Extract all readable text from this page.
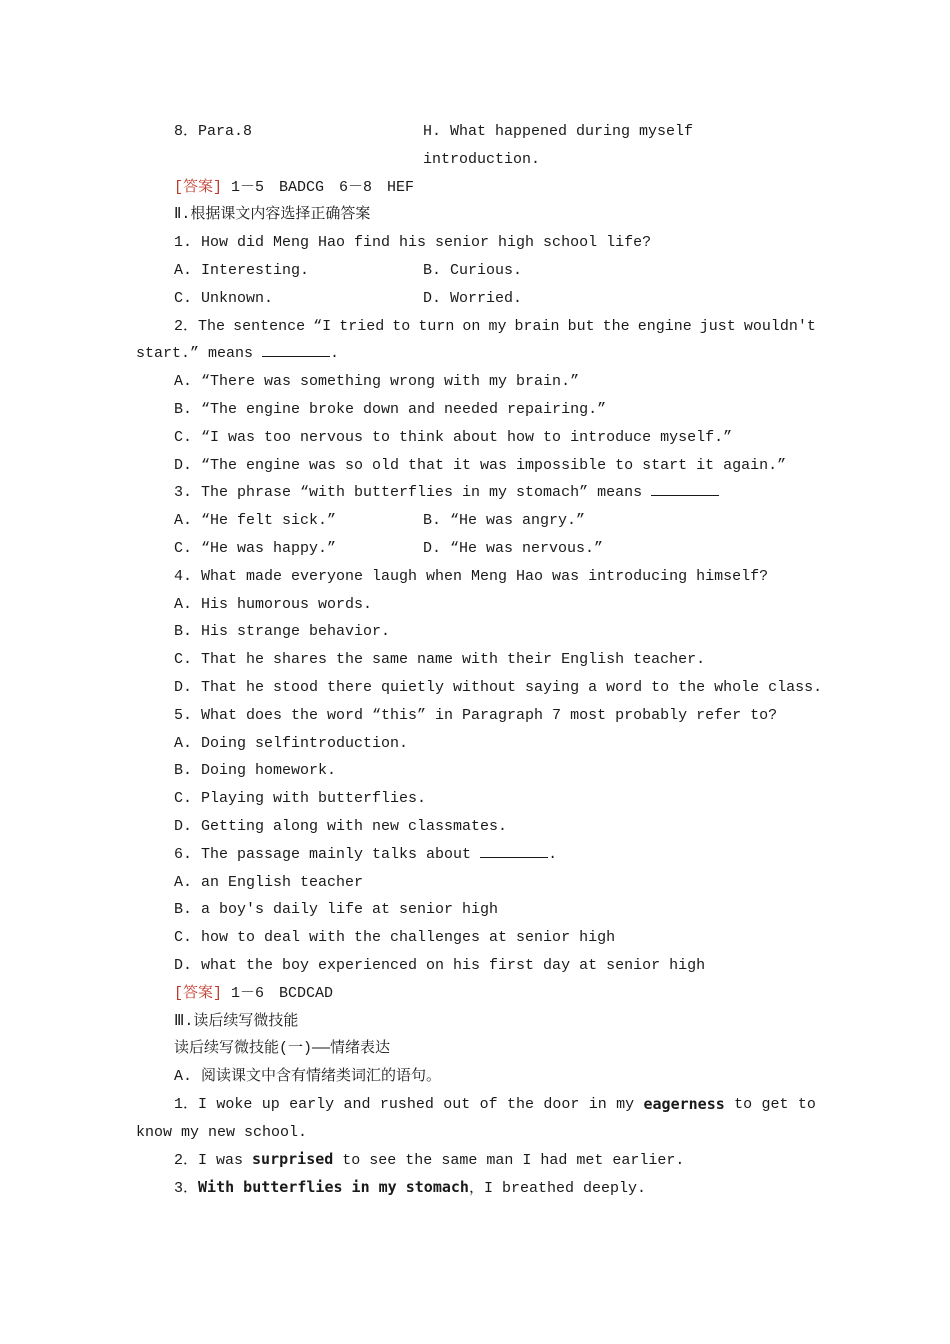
8．Para.8	H. What happened during myself
introduction.
[答案] 1－5　BADCG　6－8　HEF
Ⅱ.根据课文内容选择正确答案
1. How did Meng Hao find his senior high school life?
A. Interesting.	B. Curious.
C. Unknown.	D. Worried.
2．The sentence “I tried to turn on my brain but the engine just wouldn't
start.” means	.
A. “There was something wrong with my brain.”
B. “The engine broke down and needed repairing.”
C. “I was too nervous to think about how to introduce myself.”
D. “The engine was so old that it was impossible to start it again.”
3. The phrase “with butterflies in my stomach” means
A. “He felt sick.”	B. “He was angry.”
C. “He was happy.”	D. “He was nervous.”
4. What made everyone laugh when Meng Hao was introducing himself?
A. His humorous words.
B. His strange behavior.
C. That he shares the same name with their English teacher.
D. That he stood there quietly without saying a word to the whole class.
5. What does the word “this” in Paragraph 7 most probably refer to?
A. Doing selfintroduction.
B. Doing homework.
C. Playing with butterflies.
D. Getting along with new classmates.
6. The passage mainly talks about	.
A. an English teacher
B. a boy's daily life at senior high
C. how to deal with the challenges at senior high
D. what the boy experienced on his first day at senior high
[答案] 1－6　BCDCAD
Ⅲ.读后续写微技能
读后续写微技能(一)——情绪表达
A. 阅读课文中含有情绪类词汇的语句。
1．I woke up early and rushed out of the door in my eagerness to get to
know my new school.
2．I was surprised to see the same man I had met earlier.
3．With butterflies in my stomach，I breathed deeply.
